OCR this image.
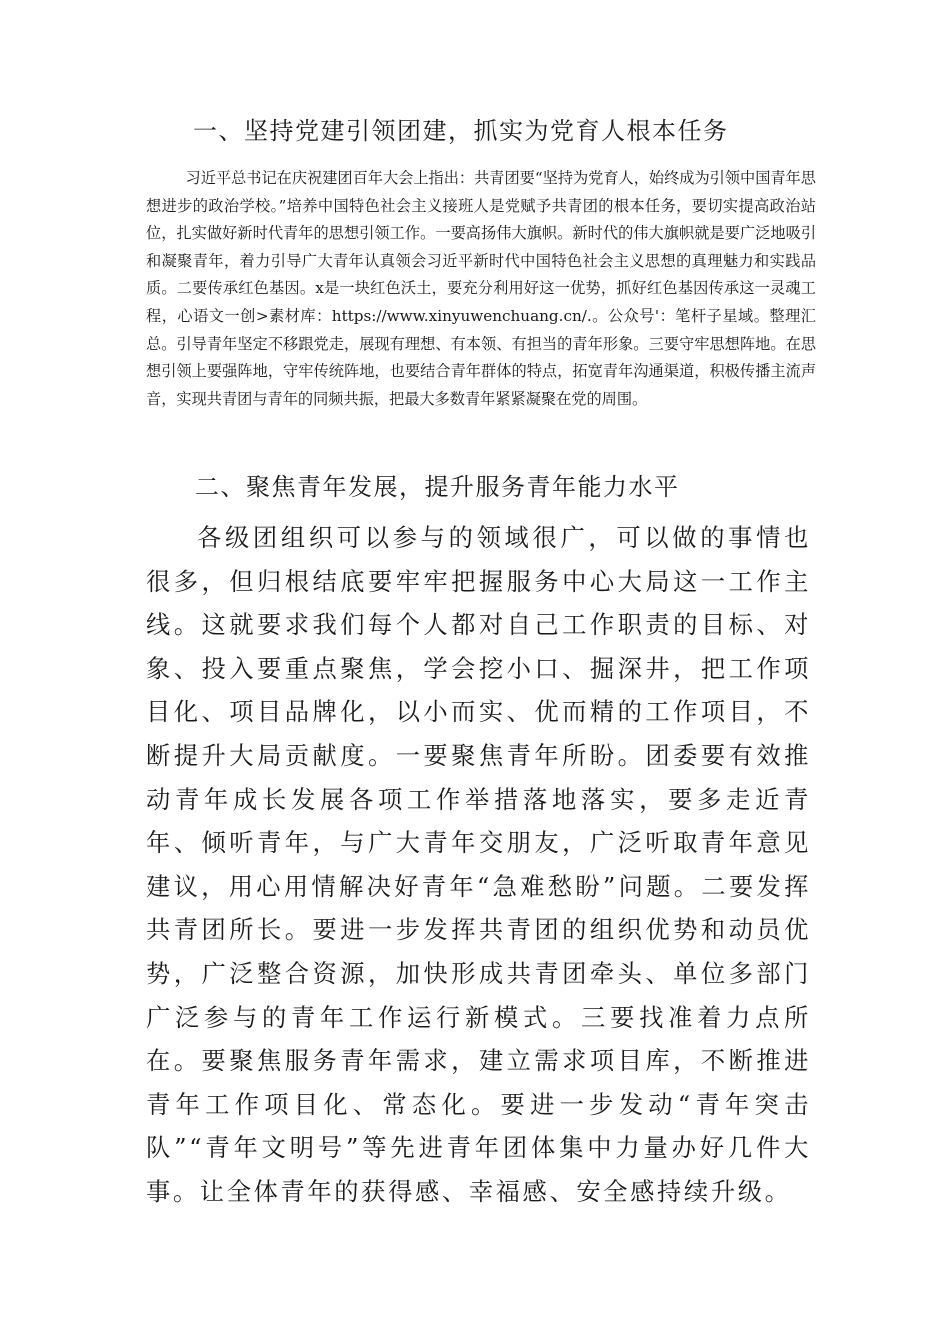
一、坚持党建引领团建，抓实为党育人根本任务

习近平总书记在庆祝建团百年大会上指出：共青团要“坚持为党育人，始终成为引领中国青年思想进步的政治学校。”培养中国特色社会主义接班人是党赋予共青团的根本任务，要切实提高政治站位，扎实做好新时代青年的思想引领工作。一要高扬伟大旗帜。新时代的伟大旗帜就是要广泛地吸引和凝聚青年，着力引导广大青年认真领会习近平新时代中国特色社会主义思想的真理魅力和实践品质。二要传承红色基因。x是一块红色沃土，要充分利用好这一优势，抓好红色基因传承这一灵魂工程，心语文一创>素材库：https://www.xinyuwenchuang.cn/.。公众号'：笔杆子星域。整理汇总。引导青年坚定不移跟党走，展现有理想、有本领、有担当的青年形象。三要守牢思想阵地。在思想引领上要强阵地，守牢传统阵地，也要结合青年群体的特点，拓宽青年沟通渠道，积极传播主流声音，实现共青团与青年的同频共振，把最大多数青年紧紧凝聚在党的周围。

二、聚焦青年发展，提升服务青年能力水平

各级团组织可以参与的领域很广，可以做的事情也很多，但归根结底要牢牢把握服务中心大局这一工作主线。这就要求我们每个人都对自己工作职责的目标、对象、投入要重点聚焦，学会挖小口、掘深井，把工作项目化、项目品牌化，以小而实、优而精的工作项目，不断提升大局贡献度。一要聚焦青年所盼。团委要有效推动青年成长发展各项工作举措落地落实，要多走近青年、倾听青年，与广大青年交朋友，广泛听取青年意见建议，用心用情解决好青年“急难愁盼”问题。二要发挥共青团所长。要进一步发挥共青团的组织优势和动员优势，广泛整合资源，加快形成共青团牵头、单位多部门广泛参与的青年工作运行新模式。三要找准着力点所在。要聚焦服务青年需求，建立需求项目库，不断推进青年工作项目化、常态化。要进一步发动“青年突击队”“青年文明号”等先进青年团体集中力量办好几件大事。让全体青年的获得感、幸福感、安全感持续升级。
